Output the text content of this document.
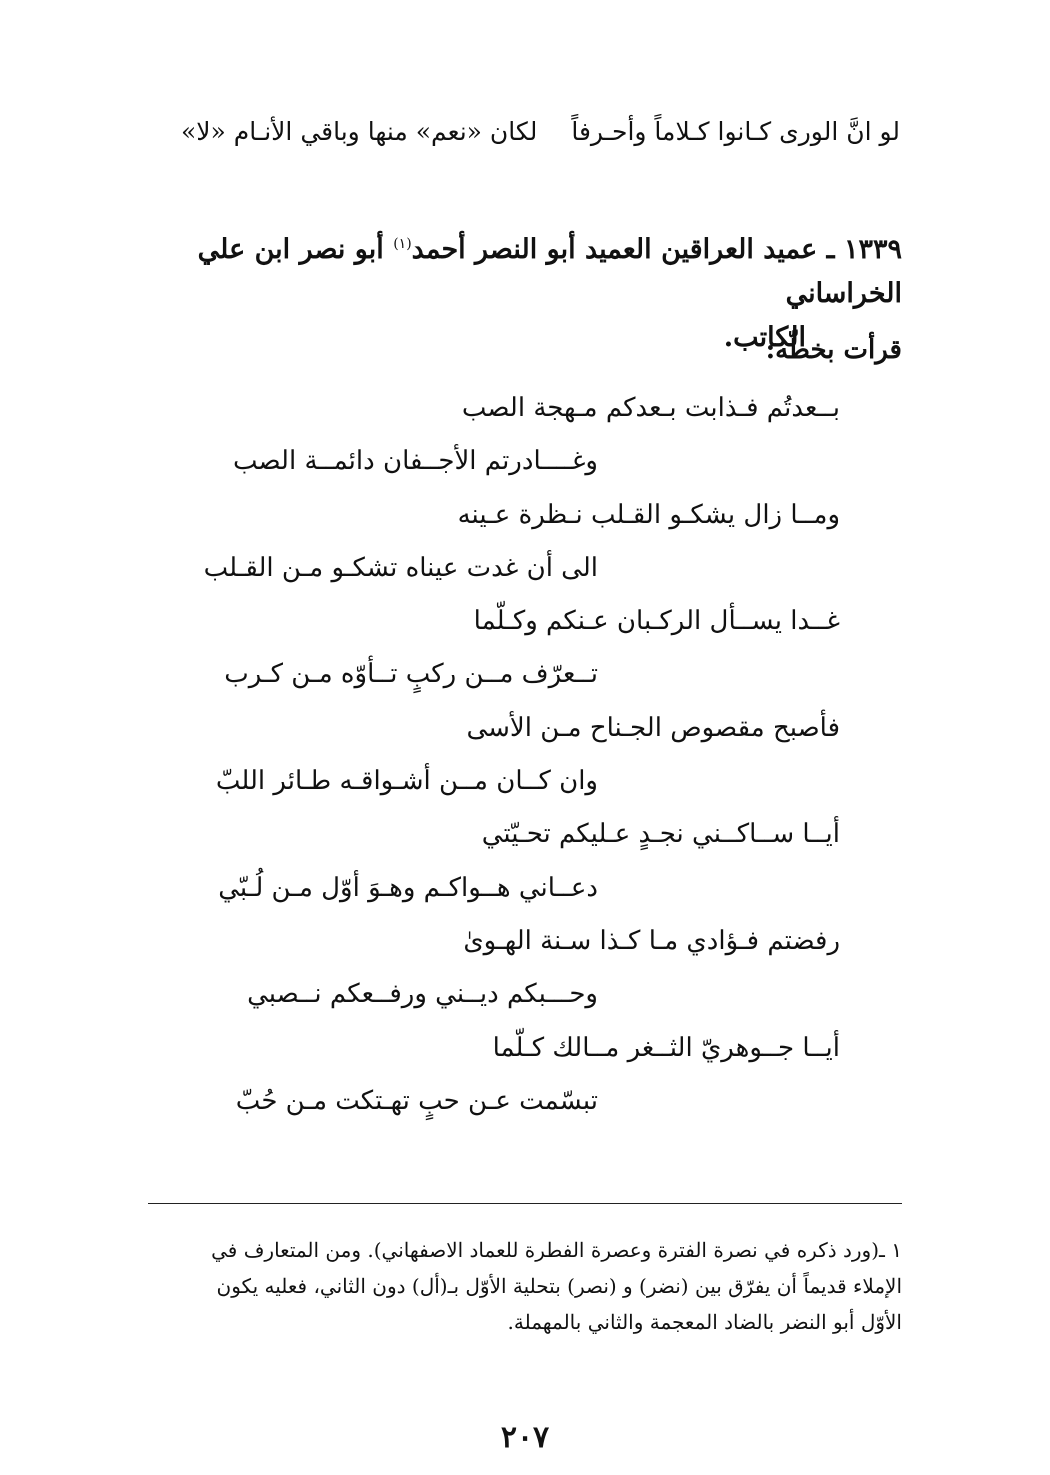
لو انَّ الورى كـانوا كـلاماً وأحـرفاًلكان «نعم» منها وباقي الأنـام «لا»
١٣٣٩ ـ عميد العراقين العميد أبو النصر أحمد$^{(١)}$ أبو نصر ابن علي الخراساني
الكاتب.
قرأت بخطّه:
بــعدتُم فـذابت بـعدكم مـهجة الصب
وغــــادرتم الأجــفان دائمــة الصب
ومــا زال يشكـو القـلب نـظرة عـينه
الى أن غدت عيناه تشكـو مـن القـلب
غــدا يســأل الركـبان عـنكم وكـلّما
تــعرّف مــن ركبٍ تــأوّه مـن كـرب
فأصبح مقصوص الجـناح مـن الأسى
وان كــان مــن أشـواقـه طـائر اللبّ
أيــا ســاكــني نجـدٍ عـليكم تحـيّتي
دعــاني هــواكـم وهـوَ أوّل مـن لُـبّي
رفضتم فـؤادي مـا كـذا سـنة الهـوىٰ
وحـــبكم ديــني ورفــعكم نــصبي
أيــا جــوهريّ الثــغر مــالك كـلّما
تبسّمت عـن حبٍ تهـتكت مـن حُبّ

١ ـ(ورد ذكره في نصرة الفترة وعصرة الفطرة للعماد الاصفهاني). ومن المتعارف في

الإملاء قديماً أن يفرّق بين (نضر) و (نصر) بتحلية الأوّل بـ(أل) دون الثاني، فعليه يكون

الأوّل أبو النضر بالضاد المعجمة والثاني بالمهملة.

٢٠٧
